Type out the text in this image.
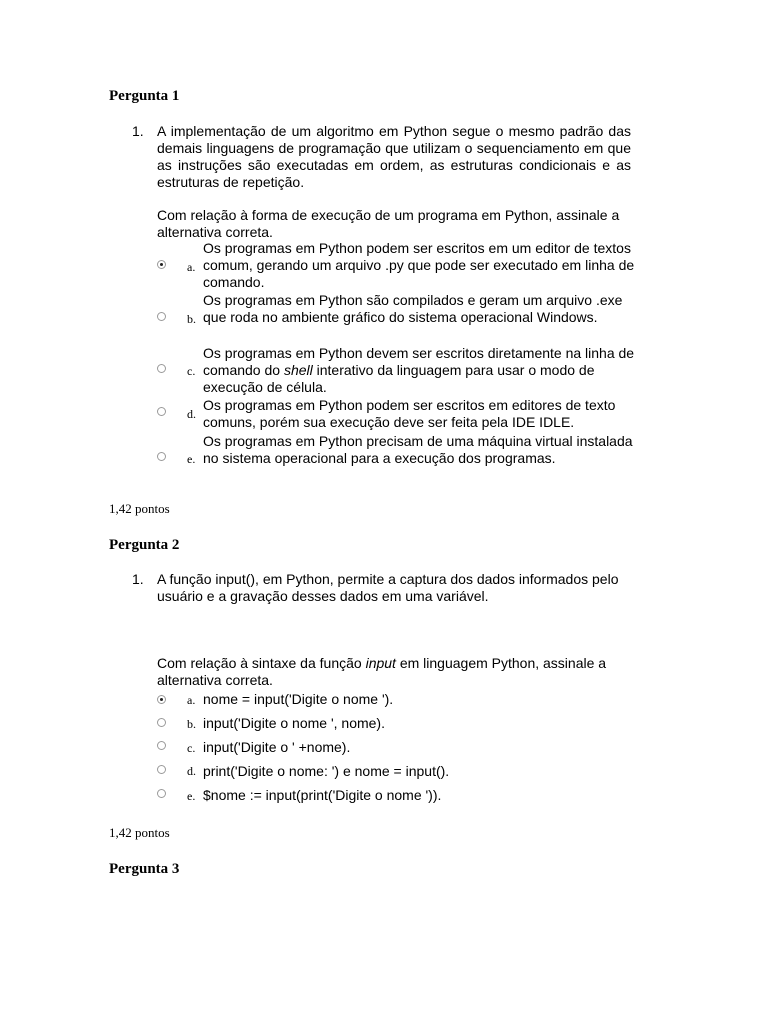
Pergunta 1
1. A implementação de um algoritmo em Python segue o mesmo padrão das demais linguagens de programação que utilizam o sequenciamento em que as instruções são executadas em ordem, as estruturas condicionais e as estruturas de repetição.
Com relação à forma de execução de um programa em Python, assinale a alternativa correta.
a.
Os programas em Python podem ser escritos em um editor de textos comum, gerando um arquivo .py que pode ser executado em linha de comando.
b.
Os programas em Python são compilados e geram um arquivo .exe que roda no ambiente gráfico do sistema operacional Windows.
c.
Os programas em Python devem ser escritos diretamente na linha de comando do shell interativo da linguagem para usar o modo de execução de célula.
d.
Os programas em Python podem ser escritos em editores de texto comuns, porém sua execução deve ser feita pela IDE IDLE.
e.
Os programas em Python precisam de uma máquina virtual instalada no sistema operacional para a execução dos programas.
1,42 pontos
Pergunta 2
1. A função input(), em Python, permite a captura dos dados informados pelo usuário e a gravação desses dados em uma variável.
Com relação à sintaxe da função input em linguagem Python, assinale a alternativa correta.
a. nome = input('Digite o nome ').
b. input('Digite o nome ', nome).
c. input('Digite o ' +nome).
d. print('Digite o nome: ') e nome = input().
e. $nome := input(print('Digite o nome ')).
1,42 pontos
Pergunta 3
